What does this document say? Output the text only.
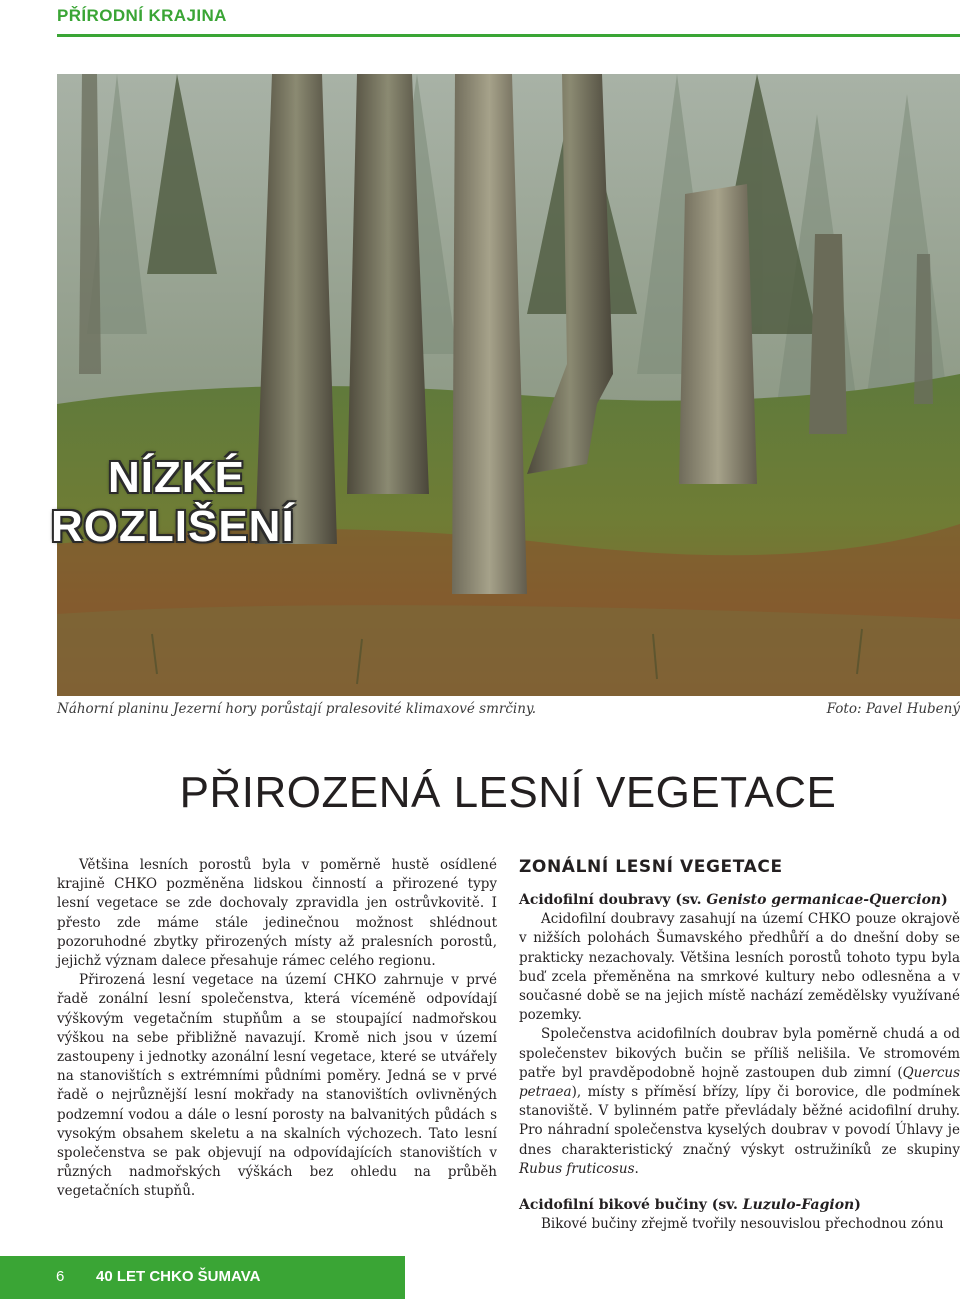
PŘÍRODNÍ KRAJINA
NÍZKÉ
ROZLIŠENÍ

Náhorní planinu Jezerní hory porůstají pralesovité klimaxové smrčiny.	Foto: Pavel Hubený

PŘIROZENÁ LESNÍ VEGETACE

Většina lesních porostů byla v poměrně hustě osídlené krajině CHKO pozměněna lidskou činností a přirozené typy lesní vegetace se zde dochovaly zpravidla jen ostrůvkovitě. I přesto zde máme stále jedinečnou možnost shlédnout pozoruhodné zbytky přirozených místy až pralesních porostů, jejichž význam dalece přesahuje rámec celého regionu.

Přirozená lesní vegetace na území CHKO zahrnuje v prvé řadě zonální lesní společenstva, která víceméně odpovídají výškovým vegetačním stupňům a se stoupající nadmořskou výškou na sebe přibližně navazují. Kromě nich jsou v území zastoupeny i jednotky azonální lesní vegetace, které se utvářely na stanovištích s extrémními půdními poměry. Jedná se v prvé řadě o nejrůznější lesní mokřady na stanovištích ovlivněných podzemní vodou a dále o lesní porosty na balvanitých půdách s vysokým obsahem skeletu a na skalních výchozech. Tato lesní společenstva se pak objevují na odpovídajících stanovištích v různých nadmořských výškách bez ohledu na průběh vegetačních stupňů.

ZONÁLNÍ LESNÍ VEGETACE
Acidofilní doubravy (sv. Genisto germanicae-Quercion)

Acidofilní doubravy zasahují na území CHKO pouze okrajově v nižších polohách Šumavského předhůří a do dnešní doby se prakticky nezachovaly. Většina lesních porostů tohoto typu byla buď zcela přeměněna na smrkové kultury nebo odlesněna a v současné době se na jejich místě nachází zemědělsky využívané pozemky.

Společenstva acidofilních doubrav byla poměrně chudá a od společenstev bikových bučin se příliš nelišila. Ve stromovém patře byl pravděpodobně hojně zastoupen dub zimní (Quercus petraea), místy s příměsí břízy, lípy či borovice, dle podmínek stanoviště. V bylinném patře převládaly běžné acidofilní druhy. Pro náhradní společenstva kyselých doubrav v povodí Úhlavy je dnes charakteristický značný výskyt ostružiníků ze skupiny Rubus fruticosus.

Acidofilní bikové bučiny (sv. Luzulo-Fagion)

Bikové bučiny zřejmě tvořily nesouvislou přechodnou zónu

6 40 LET CHKO ŠUMAVA
